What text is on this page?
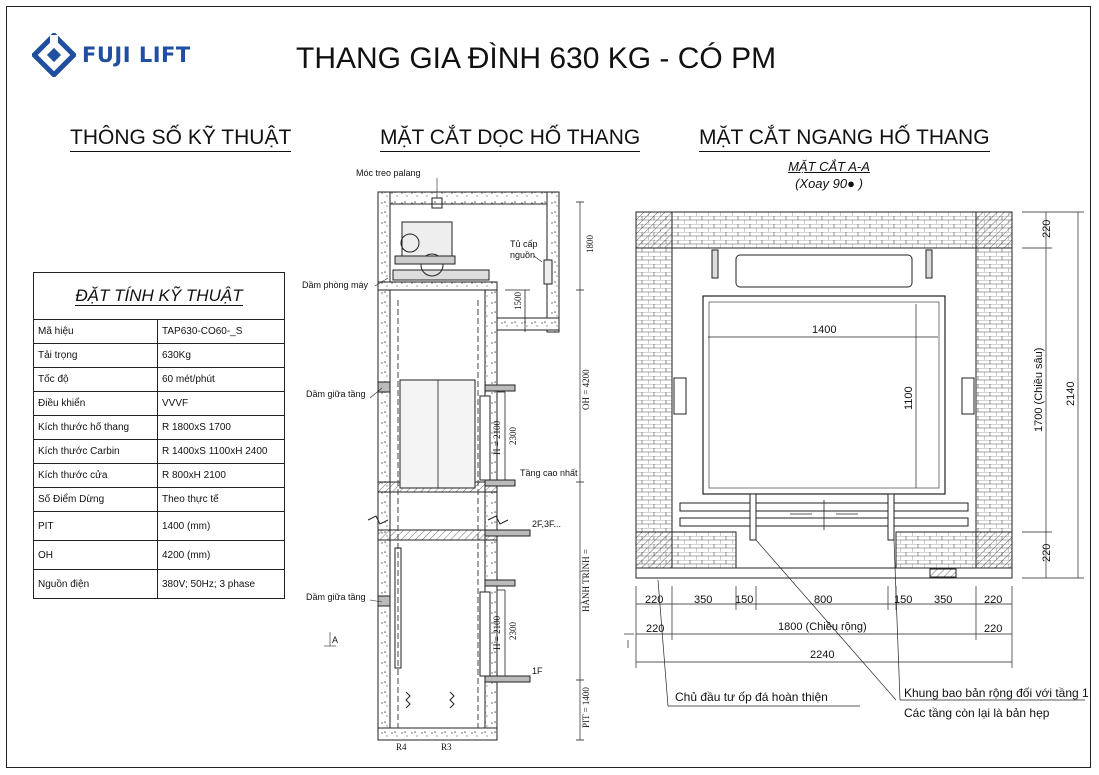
FUJI LIFT	THANG GIA ĐÌNH 630 KG - CÓ PM
THÔNG SỐ KỸ THUẬT	MẶT CẮT DỌC HỐ THANG	MẶT CẮT NGANG HỐ THANG
MẶT CẮT A-A
(Xoay 90● )
ĐẶT TÍNH KỸ THUẬT	
Mã hiệu	TAP630-CO60-_S
Tải trọng	630Kg
Tốc độ	60 mét/phút
Điều khiển	VVVF
Kích thước hố thang	R 1800xS 1700
Kích thước Carbin	R 1400xS 1100xH 2400
Kích thước cửa	R 800xH 2100
Số Điểm Dừng	Theo thực tế
PIT	1400 (mm)
OH	4200 (mm)
Nguồn điện	380V; 50Hz; 3 phase
Móc treo palang
Tủ cấp
nguồn
Dầm phòng máy
Dầm giữa tầng
Dầm giữa tầng
Tầng cao nhất
2F,3F...
1F
A
R4	R3
H = 2100 2300
H = 2100 2300
1800
1500
OH = 4200
HÀNH TRÌNH =
PIT = 1400
1400
1100	1700 (Chiều sâu) 2140
220
220
220	350 150	800	150 350	220
220	1800 (Chiều rộng)	220
2240
Chủ đầu tư ốp đá hoàn thiện	Khung bao bản rộng đối với tầng 1
Các tầng còn lại là bản hẹp
